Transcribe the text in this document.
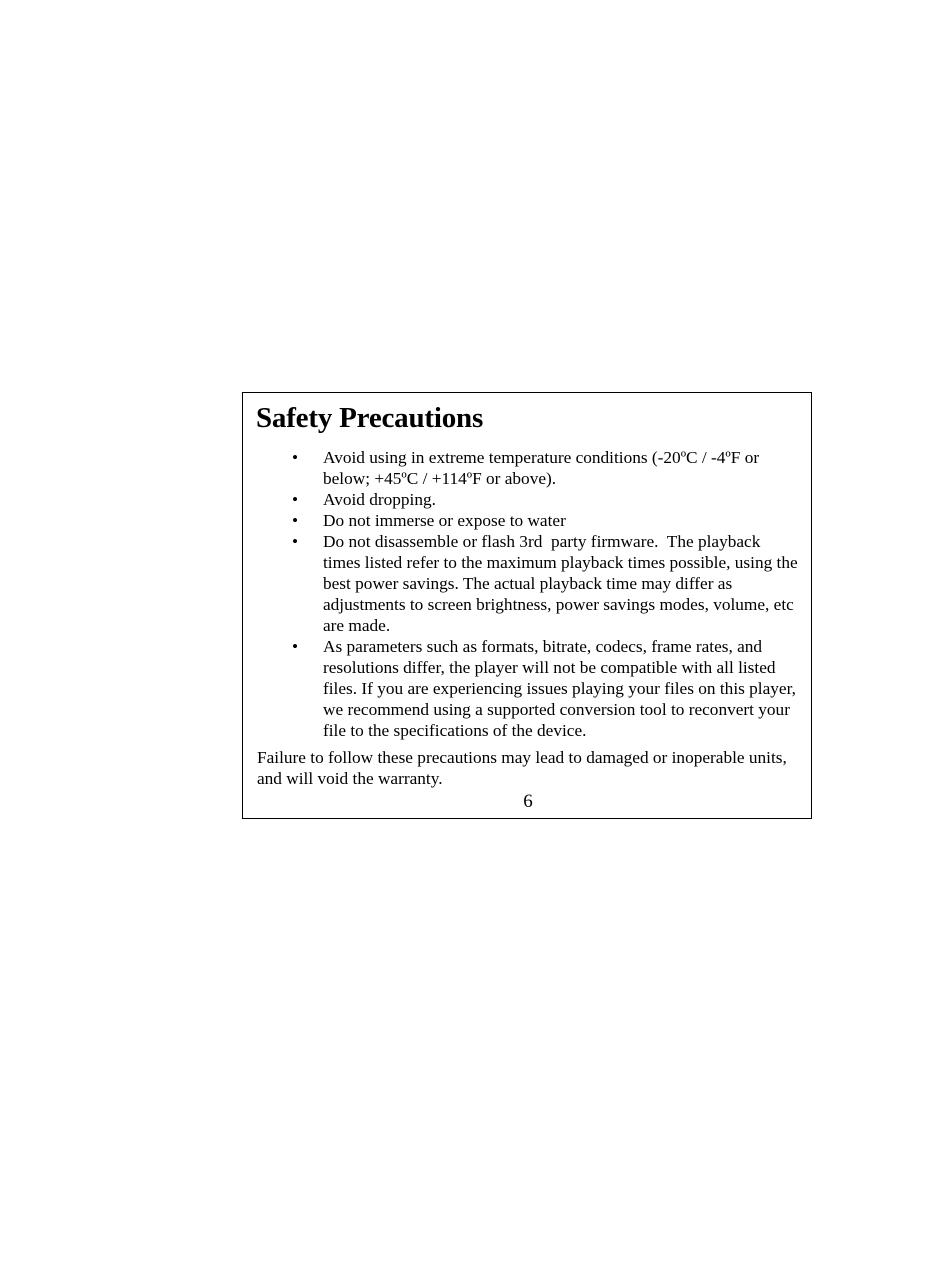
Safety Precautions
• Avoid using in extreme temperature conditions (-20ºC / -4ºF or below; +45ºC / +114ºF or above).
• Avoid dropping.
• Do not immerse or expose to water
• Do not disassemble or flash 3rd  party firmware.  The playback times listed refer to the maximum playback times possible, using the best power savings. The actual playback time may differ as adjustments to screen brightness, power savings modes, volume, etc are made.
• As parameters such as formats, bitrate, codecs, frame rates, and resolutions differ, the player will not be compatible with all listed files. If you are experiencing issues playing your files on this player, we recommend using a supported conversion tool to reconvert your file to the specifications of the device.

Failure to follow these precautions may lead to damaged or inoperable units, and will void the warranty.

6
